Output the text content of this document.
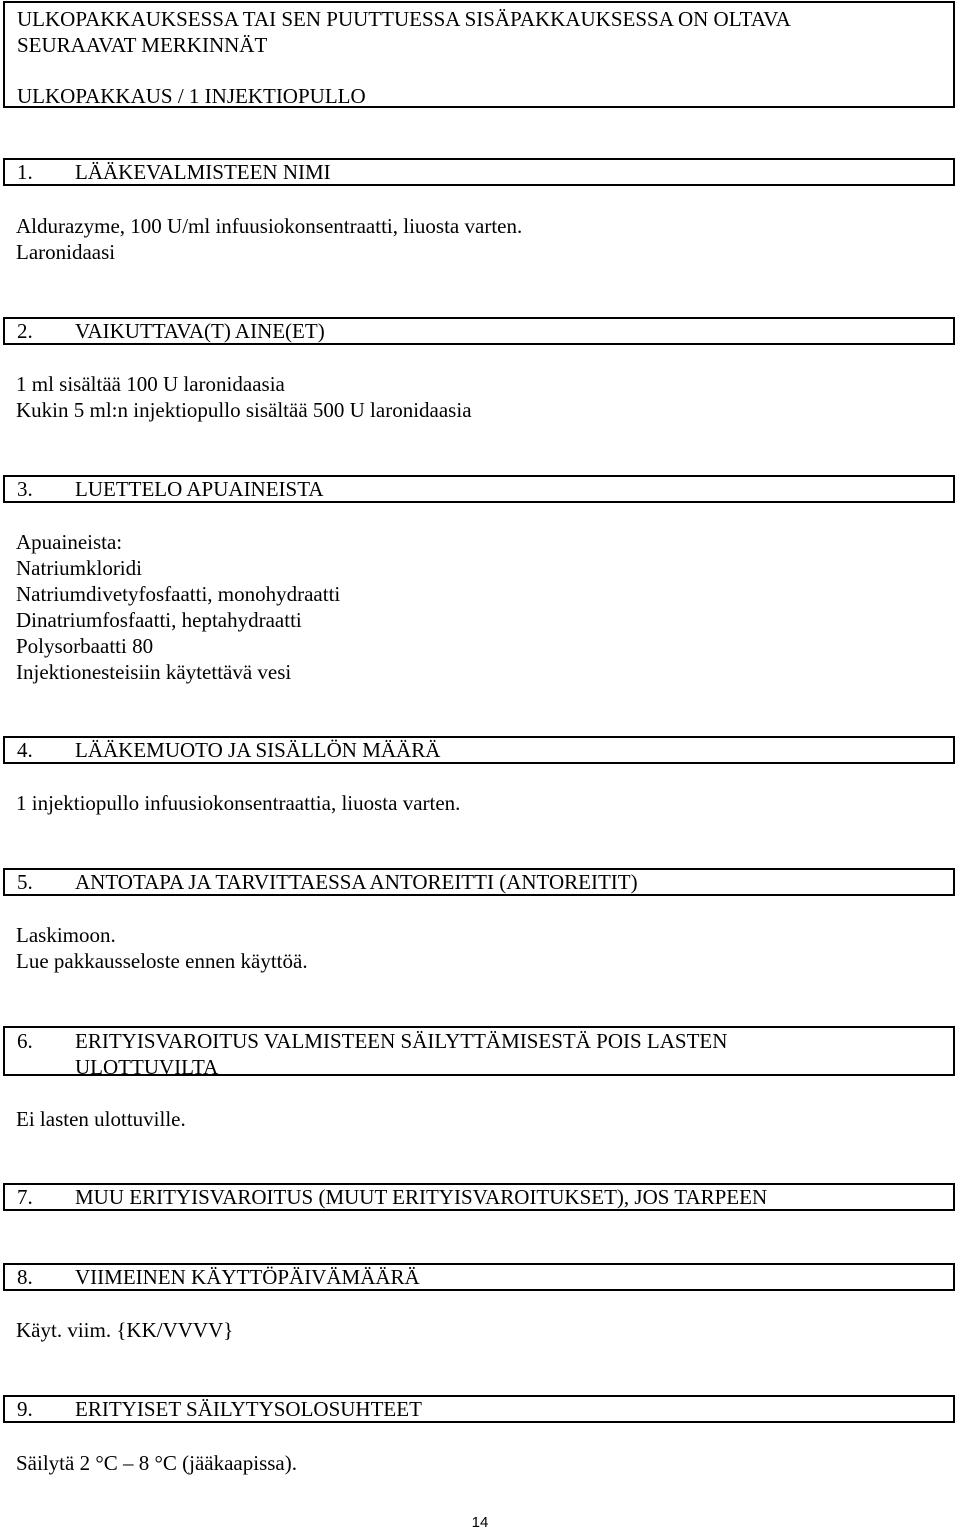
ULKOPAKKAUKSESSA TAI SEN PUUTTUESSA SISÄPAKKAUKSESSA ON OLTAVA
SEURAAVAT MERKINNÄT
ULKOPAKKAUS / 1 INJEKTIOPULLO
1. LÄÄKEVALMISTEEN NIMI
Aldurazyme, 100 U/ml infuusiokonsentraatti, liuosta varten.
Laronidaasi
2. VAIKUTTAVA(T) AINE(ET)
1 ml sisältää 100 U laronidaasia
Kukin 5 ml:n injektiopullo sisältää 500 U laronidaasia
3. LUETTELO APUAINEISTA
Apuaineista:
Natriumkloridi
Natriumdivetyfosfaatti, monohydraatti
Dinatriumfosfaatti, heptahydraatti
Polysorbaatti 80
Injektionesteisiin käytettävä vesi
4. LÄÄKEMUOTO JA SISÄLLÖN MÄÄRÄ
1 injektiopullo infuusiokonsentraattia, liuosta varten.
5. ANTOTAPA JA TARVITTAESSA ANTOREITTI (ANTOREITIT)
Laskimoon.
Lue pakkausseloste ennen käyttöä.
6. ERITYISVAROITUS VALMISTEEN SÄILYTTÄMISESTÄ POIS LASTEN
ULOTTUVILTA
Ei lasten ulottuville.
7. MUU ERITYISVAROITUS (MUUT ERITYISVAROITUKSET), JOS TARPEEN
8. VIIMEINEN KÄYTTÖPÄIVÄMÄÄRÄ
Käyt. viim. {KK/VVVV}
9. ERITYISET SÄILYTYSOLOSUHTEET
Säilytä 2 °C – 8 °C (jääkaapissa).
14
